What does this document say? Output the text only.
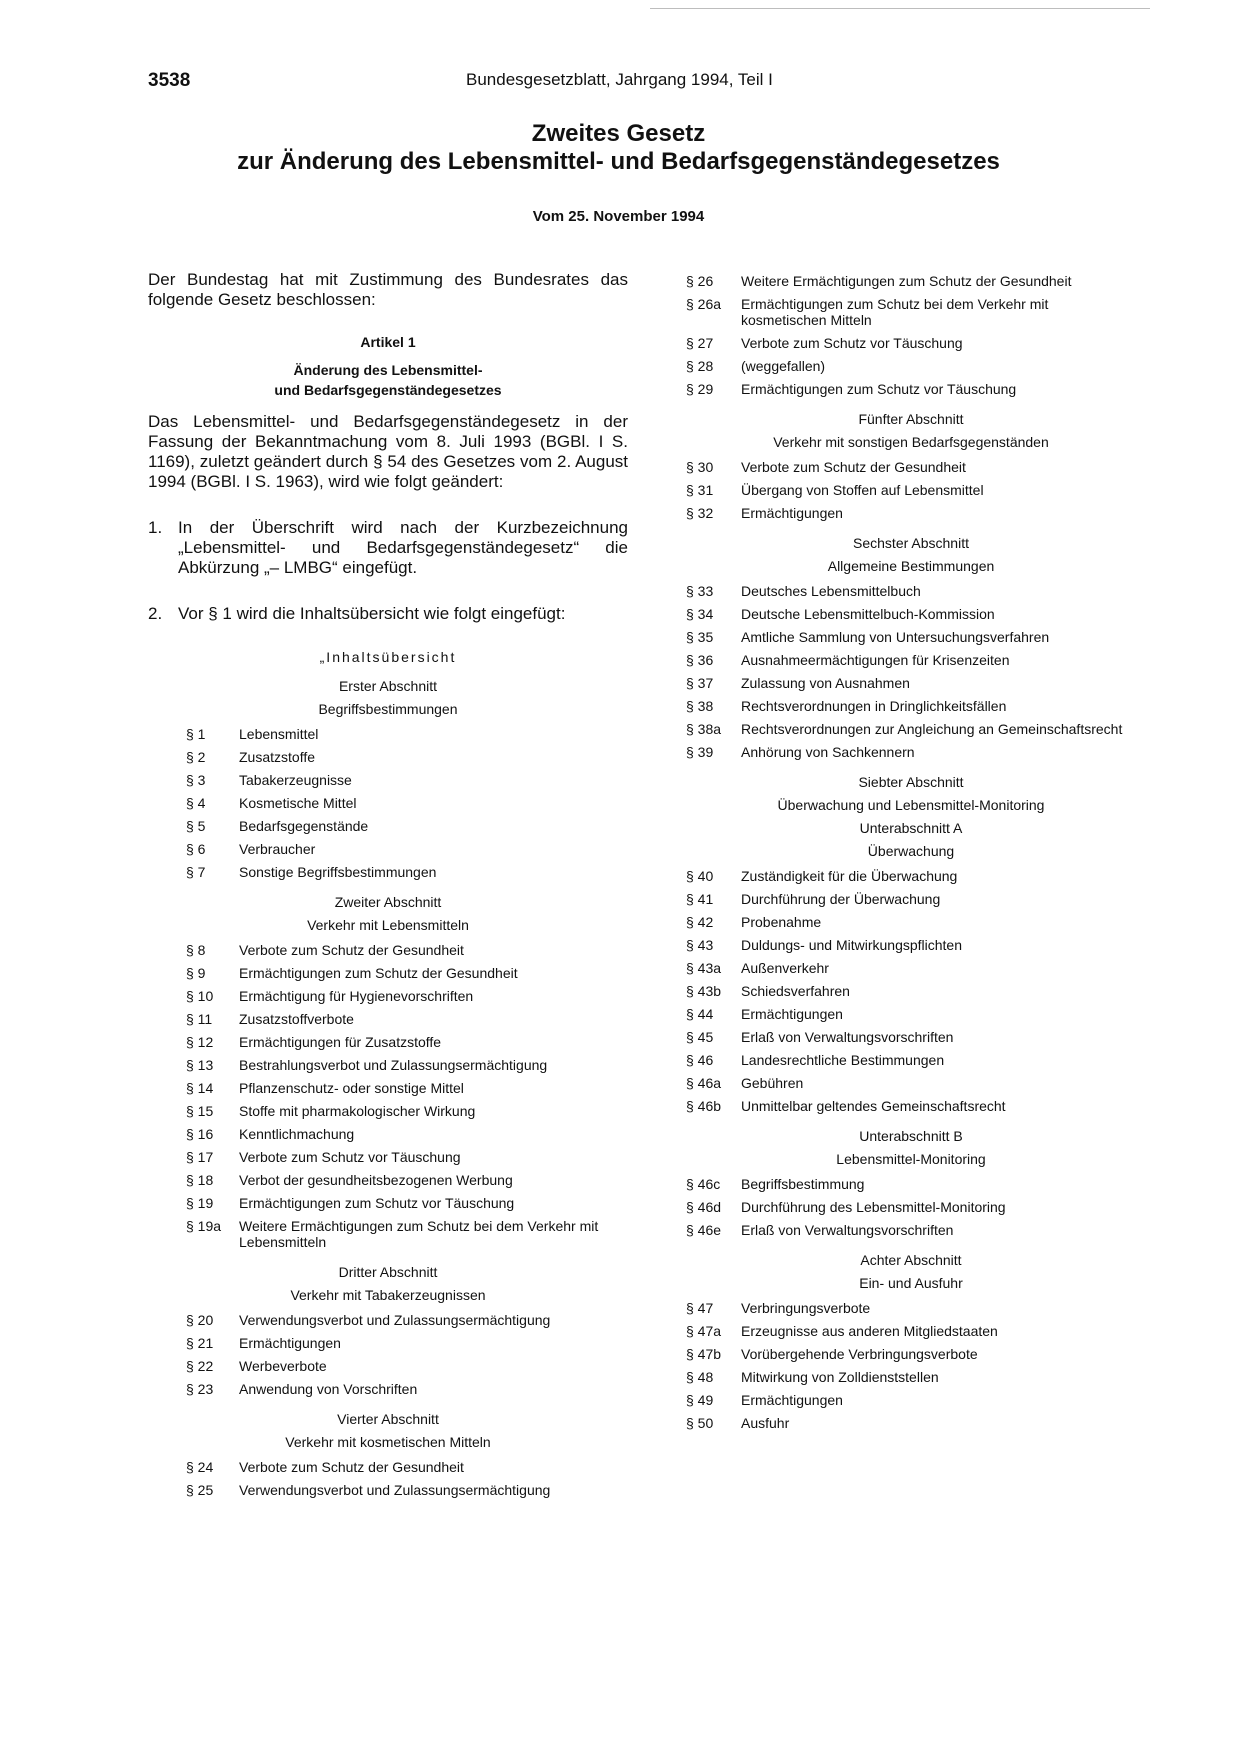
3538	Bundesgesetzblatt, Jahrgang 1994, Teil I
Zweites Gesetz
zur Änderung des Lebensmittel- und Bedarfsgegenständegesetzes
Vom 25. November 1994

Der Bundestag hat mit Zustimmung des Bundesrates das folgende Gesetz beschlossen:

Artikel 1
Änderung des Lebensmittel-
und Bedarfsgegenständegesetzes
Das Lebensmittel- und Bedarfsgegenständegesetz in der Fassung der Bekanntmachung vom 8. Juli 1993 (BGBl. I S. 1169), zuletzt geändert durch § 54 des Gesetzes vom 2. August 1994 (BGBl. I S. 1963), wird wie folgt geändert:
1. In der Überschrift wird nach der Kurzbezeichnung „Lebensmittel- und Bedarfsgegenständegesetz“ die Abkürzung „– LMBG“ eingefügt.
2. Vor § 1 wird die Inhaltsübersicht wie folgt eingefügt:
„Inhaltsübersicht
Erster Abschnitt
Begriffsbestimmungen
§ 1	Lebensmittel
§ 2	Zusatzstoffe
§ 3	Tabakerzeugnisse
§ 4	Kosmetische Mittel
§ 5	Bedarfsgegenstände
§ 6	Verbraucher
§ 7	Sonstige Begriffsbestimmungen
Zweiter Abschnitt
Verkehr mit Lebensmitteln
§ 8	Verbote zum Schutz der Gesundheit
§ 9	Ermächtigungen zum Schutz der Gesundheit
§ 10	Ermächtigung für Hygienevorschriften
§ 11	Zusatzstoffverbote
§ 12	Ermächtigungen für Zusatzstoffe
§ 13	Bestrahlungsverbot und Zulassungsermächtigung
§ 14	Pflanzenschutz- oder sonstige Mittel
§ 15	Stoffe mit pharmakologischer Wirkung
§ 16	Kenntlichmachung
§ 17	Verbote zum Schutz vor Täuschung
§ 18	Verbot der gesundheitsbezogenen Werbung
§ 19	Ermächtigungen zum Schutz vor Täuschung
§ 19a	Weitere Ermächtigungen zum Schutz bei dem Verkehr mit Lebensmitteln
Dritter Abschnitt
Verkehr mit Tabakerzeugnissen
§ 20	Verwendungsverbot und Zulassungsermächtigung
§ 21	Ermächtigungen
§ 22	Werbeverbote
§ 23	Anwendung von Vorschriften
Vierter Abschnitt
Verkehr mit kosmetischen Mitteln
§ 24	Verbote zum Schutz der Gesundheit
§ 25	Verwendungsverbot und Zulassungsermächtigung
§ 26	Weitere Ermächtigungen zum Schutz der Gesundheit
§ 26a	Ermächtigungen zum Schutz bei dem Verkehr mit kosmetischen Mitteln
§ 27	Verbote zum Schutz vor Täuschung
§ 28	(weggefallen)
§ 29	Ermächtigungen zum Schutz vor Täuschung
Fünfter Abschnitt
Verkehr mit sonstigen Bedarfsgegenständen
§ 30	Verbote zum Schutz der Gesundheit
§ 31	Übergang von Stoffen auf Lebensmittel
§ 32	Ermächtigungen
Sechster Abschnitt
Allgemeine Bestimmungen
§ 33	Deutsches Lebensmittelbuch
§ 34	Deutsche Lebensmittelbuch-Kommission
§ 35	Amtliche Sammlung von Untersuchungsverfahren
§ 36	Ausnahmeermächtigungen für Krisenzeiten
§ 37	Zulassung von Ausnahmen
§ 38	Rechtsverordnungen in Dringlichkeitsfällen
§ 38a	Rechtsverordnungen zur Angleichung an Gemeinschaftsrecht
§ 39	Anhörung von Sachkennern
Siebter Abschnitt
Überwachung und Lebensmittel-Monitoring
Unterabschnitt A
Überwachung
§ 40	Zuständigkeit für die Überwachung
§ 41	Durchführung der Überwachung
§ 42	Probenahme
§ 43	Duldungs- und Mitwirkungspflichten
§ 43a	Außenverkehr
§ 43b	Schiedsverfahren
§ 44	Ermächtigungen
§ 45	Erlaß von Verwaltungsvorschriften
§ 46	Landesrechtliche Bestimmungen
§ 46a	Gebühren
§ 46b	Unmittelbar geltendes Gemeinschaftsrecht
Unterabschnitt B
Lebensmittel-Monitoring
§ 46c	Begriffsbestimmung
§ 46d	Durchführung des Lebensmittel-Monitoring
§ 46e	Erlaß von Verwaltungsvorschriften
Achter Abschnitt
Ein- und Ausfuhr
§ 47	Verbringungsverbote
§ 47a	Erzeugnisse aus anderen Mitgliedstaaten
§ 47b	Vorübergehende Verbringungsverbote
§ 48	Mitwirkung von Zolldienststellen
§ 49	Ermächtigungen
§ 50	Ausfuhr
